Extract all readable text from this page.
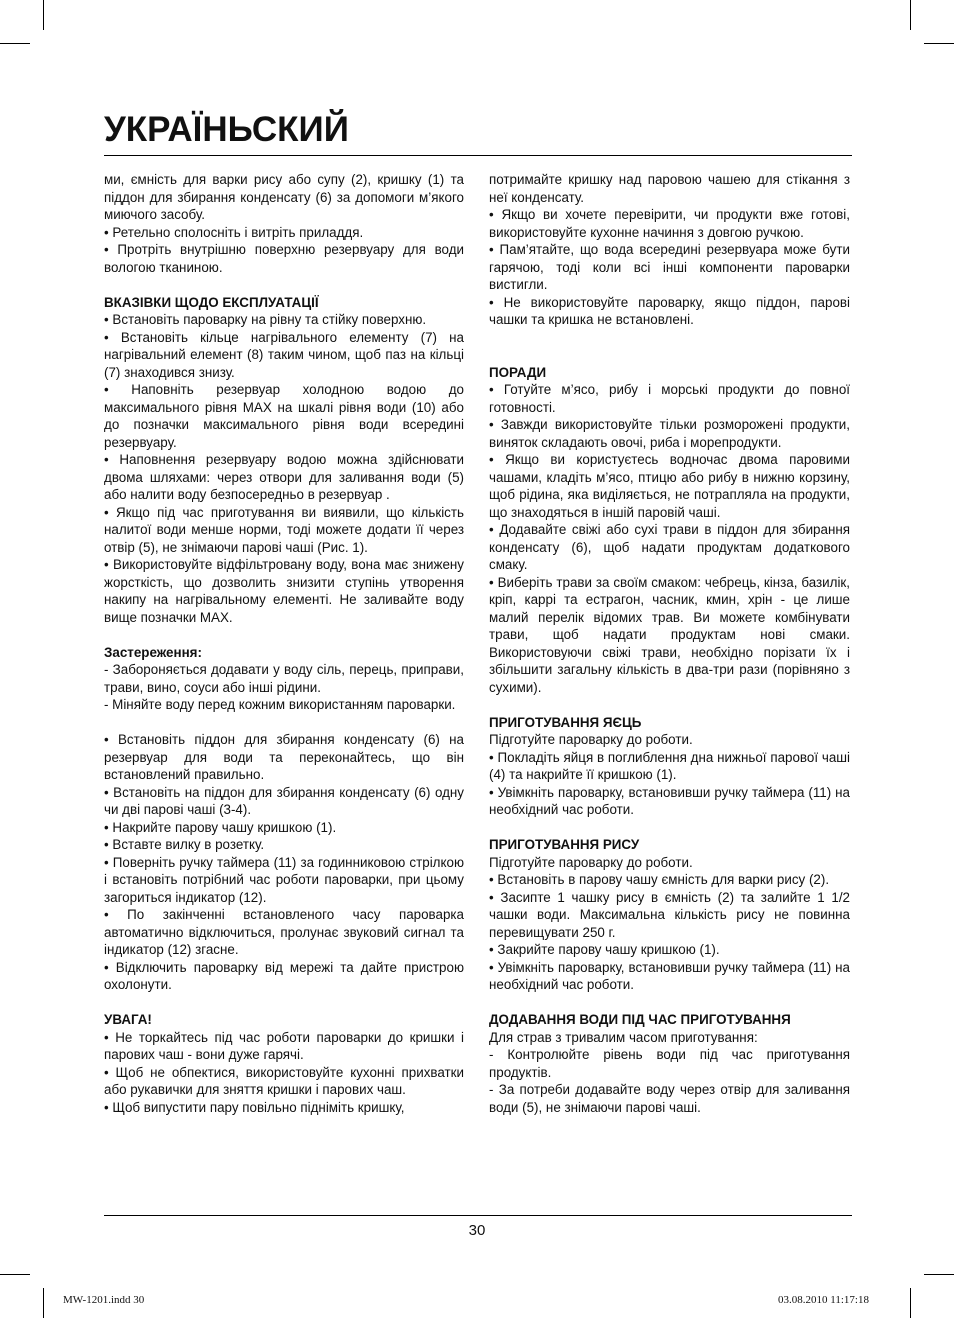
УКРАЇНЬСКИЙ

ми, ємність для варки рису або супу (2), кришку (1) та піддон для збирання конденсату (6) за допомоги м’якого миючого засобу.

• Ретельно сполосніть і витріть приладдя.

• Протріть внутрішню поверхню резервуару для води вологою тканиною.

ВКАЗІВКИ ЩОДО ЕКСПЛУАТАЦІЇ

• Встановіть пароварку на рівну та стійку поверхню.

• Встановіть кільце нагрівального елементу (7) на нагрівальний елемент (8) таким чином, щоб паз на кільці (7) знаходився знизу.

• Наповніть резервуар холодною водою до максимального рівня MAX на шкалі рівня води (10) або до позначки максимального рівня води всередині резервуару.

• Наповнення резервуару водою можна здійснювати двома шляхами: через отвори для заливання води (5) або налити воду безпосередньо в резервуар .

• Якщо під час приготування ви виявили, що кількість налитої води менше норми, тоді можете додати її через отвір (5), не знімаючи парові чаші (Рис. 1).

• Використовуйте відфільтровану воду, вона має знижену жорсткість, що дозволить знизити ступінь утворення накипу на нагрівальному елементі. Не заливайте воду вище позначки MAX.

Застереження:

- Забороняється додавати у воду сіль, перець, приправи, трави, вино, соуси або інші рідини.

- Міняйте воду перед кожним використанням пароварки.

• Встановіть піддон для збирання конденсату (6) на резервуар для води та переконайтесь, що він встановлений правильно.

• Встановіть на піддон для збирання конденсату (6) одну чи дві парові чаші (3-4).

• Накрийте парову чашу кришкою (1).

• Вставте вилку в розетку.

• Поверніть ручку таймера (11) за годинниковою стрілкою і встановіть потрібний час роботи пароварки, при цьому загориться індикатор (12).

• По закінченні встановленого часу пароварка автоматично відключиться, пролунає звуковий сигнал та індикатор (12) згасне.

• Відключить пароварку від мережі та дайте пристрою охолонути.

УВАГА!

• Не торкайтесь під час роботи пароварки до кришки і парових чаш - вони дуже гарячі.

• Щоб не обпектися, використовуйте кухонні прихватки або рукавички для зняття кришки і парових чаш.

• Щоб випустити пару повільно підніміть кришку,

потримайте кришку над паровою чашею для стікання з неї конденсату.

• Якщо ви хочете перевірити, чи продукти вже готові, використовуйте кухонне начиння з довгою ручкою.

• Пам’ятайте, що вода всередині резервуара може бути гарячою, тоді коли всі інші компоненти пароварки вистигли.

• Не використовуйте пароварку, якщо піддон, парові чашки та кришка не встановлені.

ПОРАДИ

• Готуйте м’ясо, рибу і морські продукти до повної готовності.

• Завжди використовуйте тільки розморожені продукти, виняток складають овочі, риба і морепродукти.

• Якщо ви користуєтесь водночас двома паровими чашами, кладіть м’ясо, птицю або рибу в нижню корзину, щоб рідина, яка виділяється, не потрапляла на продукти, що знаходяться в іншій паровій чаші.

• Додавайте свіжі або сухі трави в піддон для збирання конденсату (6), щоб надати продуктам додаткового смаку.

• Виберіть трави за своїм смаком: чебрець, кінза, базилік, кріп, каррі та естрагон, часник, кмин, хрін - це лише малий перелік відомих трав. Ви можете комбінувати трави, щоб надати продуктам нові смаки. Використовуючи свіжі трави, необхідно порізати їх і збільшити загальну кількість в два-три рази (порівняно з сухими).

ПРИГОТУВАННЯ ЯЄЦЬ

Підготуйте пароварку до роботи.

• Покладіть яйця в поглиблення дна нижньої парової чаші (4) та накрийте її кришкою (1).

• Увімкніть пароварку, встановивши ручку таймера (11) на необхідний час роботи.

ПРИГОТУВАННЯ РИСУ

Підготуйте пароварку до роботи.

• Встановіть в парову чашу ємність для варки рису (2).

• Засипте 1 чашку рису в ємність (2) та залийте 1 1/2 чашки води. Максимальна кількість рису не повинна перевищувати 250 г.

• Закрийте парову чашу кришкою (1).

• Увімкніть пароварку, встановивши ручку таймера (11) на необхідний час роботи.

ДОДАВАННЯ ВОДИ ПІД ЧАС ПРИГОТУВАННЯ

Для страв з тривалим часом приготування:

- Контролюйте рівень води під час приготування продуктів.

- За потреби додавайте воду через отвір для заливання води (5), не знімаючи парові чаші.

30
MW-1201.indd 30	03.08.2010 11:17:18
